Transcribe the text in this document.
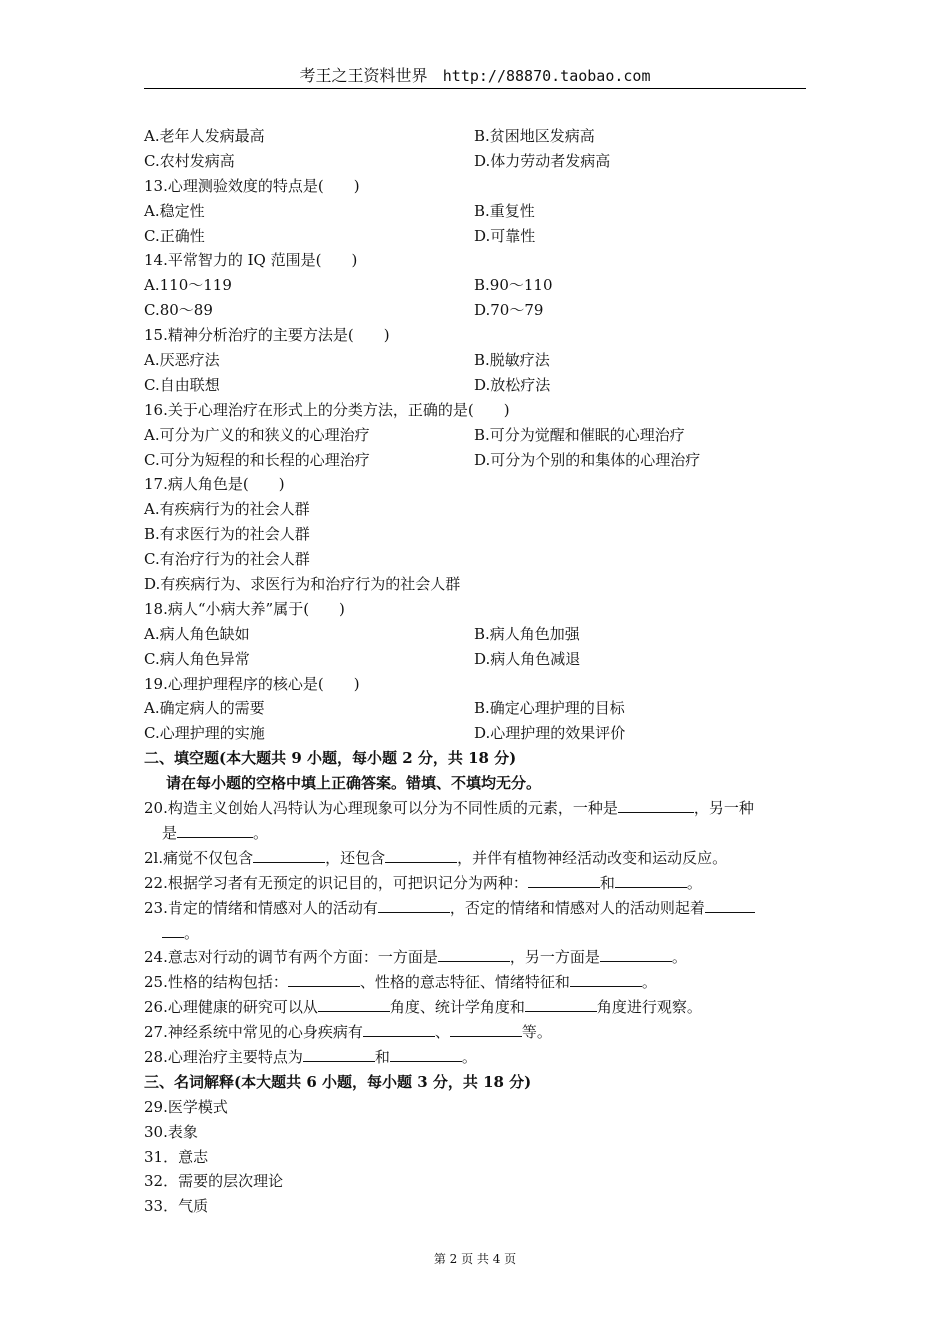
考王之王资料世界 http://88870.taobao.com
A.老年人发病最高	B.贫困地区发病高
C.农村发病高	D.体力劳动者发病高
13.心理测验效度的特点是(　　)
A.稳定性	B.重复性
C.正确性	D.可靠性
14.平常智力的 IQ 范围是(　　)
A.110～119	B.90～110
C.80～89	D.70～79
15.精神分析治疗的主要方法是(　　)
A.厌恶疗法	B.脱敏疗法
C.自由联想	D.放松疗法
16.关于心理治疗在形式上的分类方法，正确的是(　　)
A.可分为广义的和狭义的心理治疗	B.可分为觉醒和催眠的心理治疗
C.可分为短程的和长程的心理治疗	D.可分为个别的和集体的心理治疗
17.病人角色是(　　)
A.有疾病行为的社会人群
B.有求医行为的社会人群
C.有治疗行为的社会人群
D.有疾病行为、求医行为和治疗行为的社会人群
18.病人“小病大养”属于(　　)
A.病人角色缺如	B.病人角色加强
C.病人角色异常	D.病人角色减退
19.心理护理程序的核心是(　　)
A.确定病人的需要	B.确定心理护理的目标
C.心理护理的实施	D.心理护理的效果评价
二、填空题(本大题共 9 小题，每小题 2 分，共 18 分)
请在每小题的空格中填上正确答案。错填、不填均无分。
20.构造主义创始人冯特认为心理现象可以分为不同性质的元素，一种是	，另一种
是	。
2l.痛觉不仅包含	，还包含	，并伴有植物神经活动改变和运动反应。
22.根据学习者有无预定的识记目的，可把识记分为两种：	和	。
23.肯定的情绪和情感对人的活动有	，否定的情绪和情感对人的活动则起着
。
24.意志对行动的调节有两个方面：一方面是	，另一方面是	。
25.性格的结构包括：	、性格的意志特征、情绪特征和	。
26.心理健康的研究可以从	角度、统计学角度和	角度进行观察。
27.神经系统中常见的心身疾病有	、	等。
28.心理治疗主要特点为	和	。
三、名词解释(本大题共 6 小题，每小题 3 分，共 18 分)
29.医学模式
30.表象
31．意志
32．需要的层次理论
33．气质
第 2 页 共 4 页
